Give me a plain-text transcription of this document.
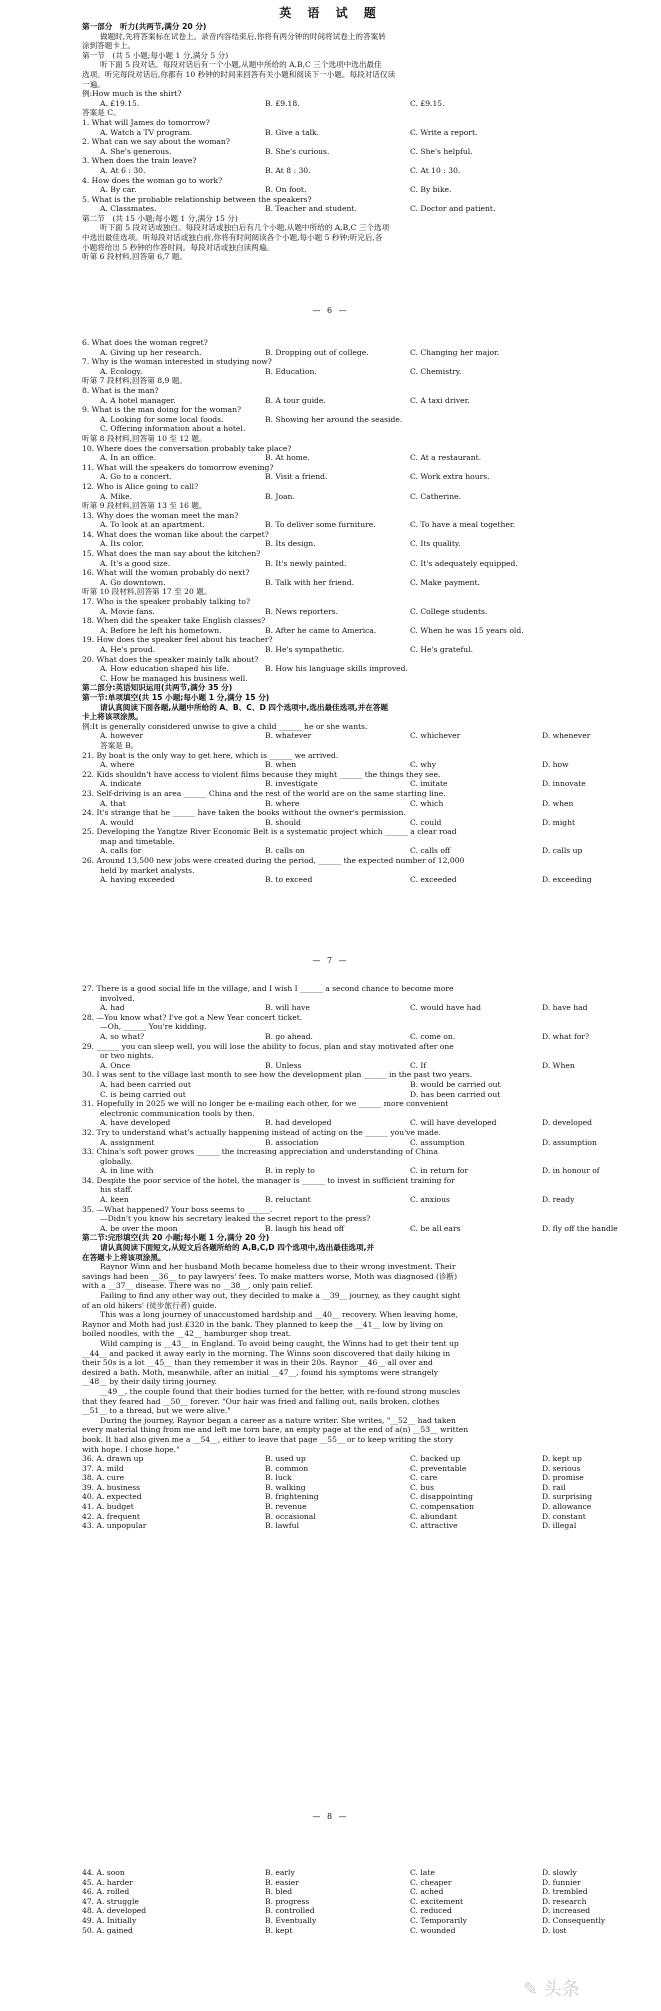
英 语 试 题
第一部分　听力(共两节,满分 20 分)
做题时,先将答案标在试卷上。录音内容结束后,你将有两分钟的时间将试卷上的答案转
涂到答题卡上。
第一节　(共 5 小题;每小题 1 分,满分 5 分)
听下面 5 段对话。每段对话后有一个小题,从题中所给的 A,B,C 三个选项中选出最佳
选项。听完每段对话后,你都有 10 秒钟的时间来回答有关小题和阅读下一小题。每段对话仅读
一遍。
例:How much is the shirt?
A. £19.15.	B. £9.18.	C. £9.15.
答案是 C。
1. What will James do tomorrow?
A. Watch a TV program.	B. Give a talk.	C. Write a report.
2. What can we say about the woman?
A. She's generous.	B. She's curious.	C. She's helpful.
3. When does the train leave?
A. At 6 : 30.	B. At 8 : 30.	C. At 10 : 30.
4. How does the woman go to work?
A. By car.	B. On foot.	C. By bike.
5. What is the probable relationship between the speakers?
A. Classmates.	B. Teacher and student.	C. Doctor and patient.
第二节　(共 15 小题;每小题 1 分,满分 15 分)
听下面 5 段对话或独白。每段对话或独白后有几个小题,从题中所给的 A,B,C 三个选项
中选出最佳选项。听每段对话或独白前,你将有时间阅读各个小题,每小题 5 秒钟;听完后,各
小题将给出 5 秒钟的作答时间。每段对话或独白读两遍。
听第 6 段材料,回答第 6,7 题。
— 6 —
6. What does the woman regret?
A. Giving up her research.	B. Dropping out of college.	C. Changing her major.
7. Why is the woman interested in studying now?
A. Ecology.	B. Education.	C. Chemistry.
听第 7 段材料,回答第 8,9 题。
8. What is the man?
A. A hotel manager.	B. A tour guide.	C. A taxi driver.
9. What is the man doing for the woman?
A. Looking for some local foods.	B. Showing her around the seaside.
C. Offering information about a hotel.
听第 8 段材料,回答第 10 至 12 题。
10. Where does the conversation probably take place?
A. In an office.	B. At home.	C. At a restaurant.
11. What will the speakers do tomorrow evening?
A. Go to a concert.	B. Visit a friend.	C. Work extra hours.
12. Who is Alice going to call?
A. Mike.	B. Joan.	C. Catherine.
听第 9 段材料,回答第 13 至 16 题。
13. Why does the woman meet the man?
A. To look at an apartment.	B. To deliver some furniture.	C. To have a meal together.
14. What does the woman like about the carpet?
A. Its color.	B. Its design.	C. Its quality.
15. What does the man say about the kitchen?
A. It's a good size.	B. It's newly painted.	C. It's adequately equipped.
16. What will the woman probably do next?
A. Go downtown.	B. Talk with her friend.	C. Make payment.
听第 10 段材料,回答第 17 至 20 题。
17. Who is the speaker probably talking to?
A. Movie fans.	B. News reporters.	C. College students.
18. When did the speaker take English classes?
A. Before he left his hometown.	B. After he came to America.	C. When he was 15 years old.
19. How does the speaker feel about his teacher?
A. He's proud.	B. He's sympathetic.	C. He's grateful.
20. What does the speaker mainly talk about?
A. How education shaped his life.	B. How his language skills improved.
C. How he managed his business well.
第二部分:英语知识运用(共两节,满分 35 分)
第一节:单项填空(共 15 小题;每小题 1 分,满分 15 分)
请认真阅读下面各题,从题中所给的 A、B、C、D 四个选项中,选出最佳选项,并在答题
卡上将该项涂黑。
例:It is generally considered unwise to give a child ______ he or she wants.
A. however	B. whatever	C. whichever	D. whenever
答案是 B。
21. By boat is the only way to get here, which is ______ we arrived.
A. where	B. when	C. why	D. how
22. Kids shouldn't have access to violent films because they might ______ the things they see.
A. indicate	B. investigate	C. imitate	D. innovate
23. Self-driving is an area ______ China and the rest of the world are on the same starting line.
A. that	B. where	C. which	D. when
24. It's strange that he ______ have taken the books without the owner's permission.
A. would	B. should	C. could	D. might
25. Developing the Yangtze River Economic Belt is a systematic project which ______ a clear road
map and timetable.
A. calls for	B. calls on	C. calls off	D. calls up
26. Around 13,500 new jobs were created during the period, ______ the expected number of 12,000
held by market analysts.
A. having exceeded	B. to exceed	C. exceeded	D. exceeding
— 7 —
27. There is a good social life in the village, and I wish I ______ a second chance to become more
involved.
A. had	B. will have	C. would have had	D. have had
28. —You know what? I've got a New Year concert ticket.
—Oh, ______ You're kidding.
A. so what?	B. go ahead.	C. come on.	D. what for?
29. ______ you can sleep well, you will lose the ability to focus, plan and stay motivated after one
or two nights.
A. Once	B. Unless	C. If	D. When
30. I was sent to the village last month to see how the development plan ______ in the past two years.
A. had been carried out	B. would be carried out
C. is being carried out	D. has been carried out
31. Hopefully in 2025 we will no longer be e-mailing each other, for we ______ more convenient
electronic communication tools by then.
A. have developed	B. had developed	C. will have developed	D. developed
32. Try to understand what's actually happening instead of acting on the ______ you've made.
A. assignment	B. association	C. assumption	D. assumption
33. China's soft power grows ______ the increasing appreciation and understanding of China
globally.
A. in line with	B. in reply to	C. in return for	D. in honour of
34. Despite the poor service of the hotel, the manager is ______ to invest in sufficient training for
his staff.
A. keen	B. reluctant	C. anxious	D. ready
35. —What happened? Your boss seems to ______.
—Didn't you know his secretary leaked the secret report to the press?
A. be over the moon	B. laugh his head off	C. be all ears	D. fly off the handle
第二节:完形填空(共 20 小题;每小题 1 分,满分 20 分)
请认真阅读下面短文,从短文后各题所给的 A,B,C,D 四个选项中,选出最佳选项,并
在答题卡上将该项涂黑。
Raynor Winn and her husband Moth became homeless due to their wrong investment. Their
savings had been __36__ to pay lawyers' fees. To make matters worse, Moth was diagnosed (诊断)
with a __37__ disease. There was no __38__, only pain relief.
Failing to find any other way out, they decided to make a __39__ journey, as they caught sight
of an old hikers' (徒步旅行者) guide.
This was a long journey of unaccustomed hardship and __40__ recovery. When leaving home,
Raynor and Moth had just £320 in the bank. They planned to keep the __41__ low by living on
boiled noodles, with the __42__ hamburger shop treat.
Wild camping is __43__ in England. To avoid being caught, the Winns had to get their tent up
__44__ and packed it away early in the morning. The Winns soon discovered that daily hiking in
their 50s is a lot __45__ than they remember it was in their 20s. Raynor __46__ all over and
desired a bath. Moth, meanwhile, after an initial __47__, found his symptoms were strangely
__48__ by their daily tiring journey.
__49__, the couple found that their bodies turned for the better, with re-found strong muscles
that they feared had __50__ forever. "Our hair was fried and falling out, nails broken, clothes
__51__ to a thread, but we were alive."
During the journey, Raynor began a career as a nature writer. She writes, "__52__ had taken
every material thing from me and left me torn bare, an empty page at the end of a(n) __53__ written
book. It had also given me a __54__, either to leave that page __55__ or to keep writing the story
with hope. I chose hope."
36. A. drawn up	B. used up	C. backed up	D. kept up
37. A. mild	B. common	C. preventable	D. serious
38. A. cure	B. luck	C. care	D. promise
39. A. business	B. walking	C. bus	D. rail
40. A. expected	B. frightening	C. disappointing	D. surprising
41. A. budget	B. revenue	C. compensation	D. allowance
42. A. frequent	B. occasional	C. abundant	D. constant
43. A. unpopular	B. lawful	C. attractive	D. illegal
— 8 —
44. A. soon	B. early	C. late	D. slowly
45. A. harder	B. easier	C. cheaper	D. funnier
46. A. rolled	B. bled	C. ached	D. trembled
47. A. struggle	B. progress	C. excitement	D. research
48. A. developed	B. controlled	C. reduced	D. increased
49. A. Initially	B. Eventually	C. Temporarily	D. Consequently
50. A. gained	B. kept	C. wounded	D. lost
✎ 头条
